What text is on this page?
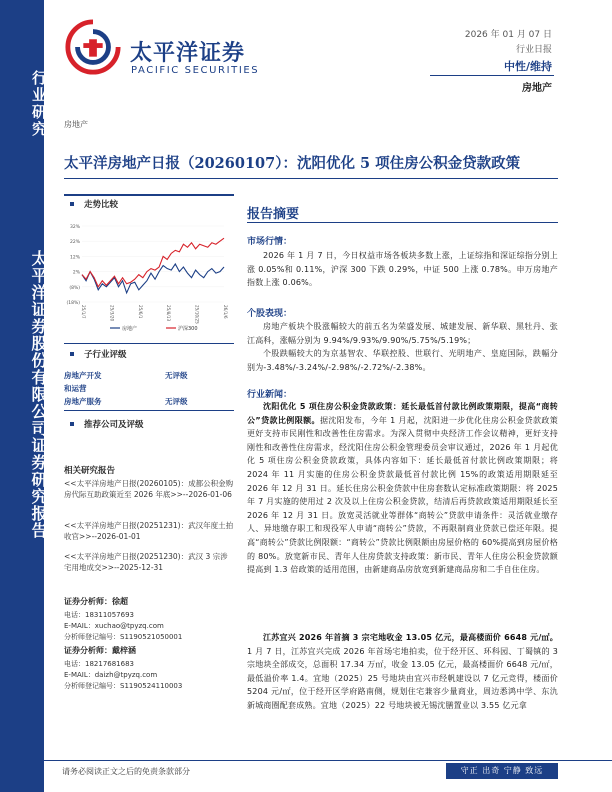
行业研究
太平洋证券股份有限公司证券研究报告
太平洋证券
PACIFIC SECURITIES
2026 年 01 月 07 日
行业日报
中性/维持
房地产
房地产
太平洋房地产日报（20260107）：沈阳优化 5 项住房公积金贷款政策
走势比较
32%
22%
12%
2%
(8%)
(18%)
25/1/7	25/3/20	25/6/1	25/8/13	25/10/25	26/1/6
房地产	沪深300
子行业评级
房地产开发	无评级
和运营
房地产服务	无评级
推荐公司及评级
相关研究报告
<<太平洋房地产日报(20260105)：成都公积金购房代际互助政策近至 2026 年底>>--2026-01-06
<<太平洋房地产日报(20251231)：武汉年度土拍收官>>--2026-01-01
<<太平洋房地产日报(20251230)：武汉 3 宗涉宅用地成交>>--2025-12-31
证券分析师：徐超
电话：18311057693
E-MAIL：xuchao@tpyzq.com
分析师登记编号：S1190521050001
证券分析师：戴梓涵
电话：18217681683
E-MAIL：daizh@tpyzq.com
分析师登记编号：S1190524110003
报告摘要
市场行情：
2026 年 1 月 7 日，今日权益市场各板块多数上涨，上证综指和深证综指分别上涨 0.05%和 0.11%，沪深 300 下跌 0.29%，中证 500 上涨 0.78%。申万房地产指数上涨 0.06%。
个股表现：
房地产板块个股涨幅较大的前五名为荣盛发展、城建发展、新华联、黑牡丹、张江高科，涨幅分别为 9.94%/9.93%/9.90%/5.75%/5.19%；
个股跌幅较大的为京基智农、华联控股、世联行、光明地产、皇庭国际，跌幅分别为-3.48%/-3.24%/-2.98%/-2.72%/-2.38%。
行业新闻：
沈阳优化 5 项住房公积金贷款政策：延长最低首付款比例政策期限，提高“商转公”贷款比例限额。据沈阳发布，今年 1 月起，沈阳进一步优化住房公积金贷款政策更好支持市民刚性和改善性住房需求。为深入贯彻中央经济工作会议精神，更好支持刚性和改善性住房需求，经沈阳住房公积金管理委员会审议通过，2026 年 1 月起优化 5 项住房公积金贷款政策，具体内容如下：延长最低首付款比例政策期限；将 2024 年 11 月实施的住房公积金贷款最低首付款比例 15%的政策适用期限延至 2026 年 12 月 31 日。延长住房公积金贷款中住房套数认定标准政策期限：将 2025 年 7 月实施的使用过 2 次及以上住房公积金贷款，结清后再贷款政策适用期限延长至 2026 年 12 月 31 日。放宽灵活就业等群体“商转公”贷款申请条件：灵活就业缴存人、异地缴存职工和现役军人申请“商转公”贷款，不再限制商业贷款已偿还年限。提高“商转公”贷款比例限额：“商转公”贷款比例限额由房屋价格的 60%提高到房屋价格的 80%。放宽新市民、青年人住房贷款支持政策：新市民、青年人住房公积金贷款额提高到 1.3 倍政策的适用范围，由新建商品房放宽到新建商品房和二手自住住房。
江苏宜兴 2026 年首摘 3 宗宅地收金 13.05 亿元，最高楼面价 6648 元/㎡。1 月 7 日，江苏宜兴完成 2026 年首场宅地拍卖，位于经开区、环科园、丁蜀镇的 3 宗地块全部成交，总面积 17.34 万㎡，收金 13.05 亿元，最高楼面价 6648 元/㎡，最低溢价率 1.4。宜地（2025）25 号地块由宜兴市经帆建设以 7 亿元竞得，楼面价 5204 元/㎡，位于经开区学府路南侧，规划住宅兼容少量商业，周边悉鸿中学、东氿新城商圈配套成熟。宜地（2025）22 号地块被无锡沈膳置业以 3.55 亿元拿
请务必阅读正文之后的免责条款部分	守正 出奇 宁静 致远
